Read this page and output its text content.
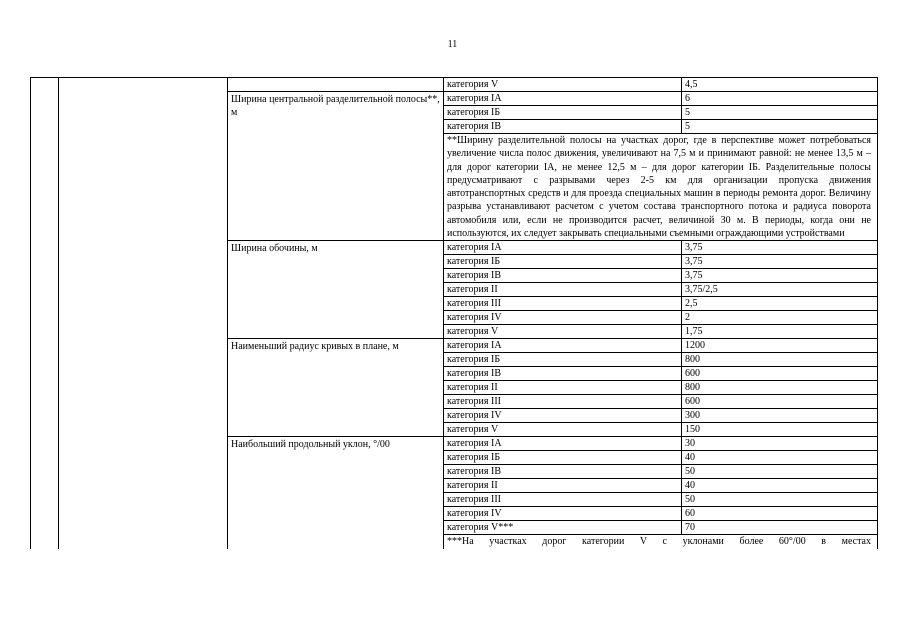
11
			категория V	4,5
		Ширина центральной разделительной полосы**, м	категория IA	6
			категория IБ	5
			категория IB	5
			**Ширину разделительной полосы на участках дорог, где в перспективе может потребоваться увеличение числа полос движения, увеличивают на 7,5 м и принимают равной: не менее 13,5 м – для дорог категории IA, не менее 12,5 м – для дорог категории IБ. Разделительные полосы предусматривают с разрывами через 2-5 км для организации пропуска движения автотранспортных средств и для проезда специальных машин в периоды ремонта дорог. Величину разрыва устанавливают расчетом с учетом состава транспортного потока и радиуса поворота автомобиля или, если не производится расчет, величиной 30 м. В периоды, когда они не используются, их следует закрывать специальными съемными ограждающими устройствами	
		Ширина обочины, м	категория IA	3,75
			категория IБ	3,75
			категория IB	3,75
			категория II	3,75/2,5
			категория III	2,5
			категория IV	2
			категория V	1,75
		Наименьший радиус кривых в плане, м	категория IA	1200
			категория IБ	800
			категория IB	600
			категория II	800
			категория III	600
			категория IV	300
			категория V	150
		Наибольший продольный уклон, °/00	категория IA	30
			категория IБ	40
			категория IB	50
			категория II	40
			категория III	50
			категория IV	60
			категория V***	70
			***На участках дорог категории V с уклонами более 60°/00 в местах	
